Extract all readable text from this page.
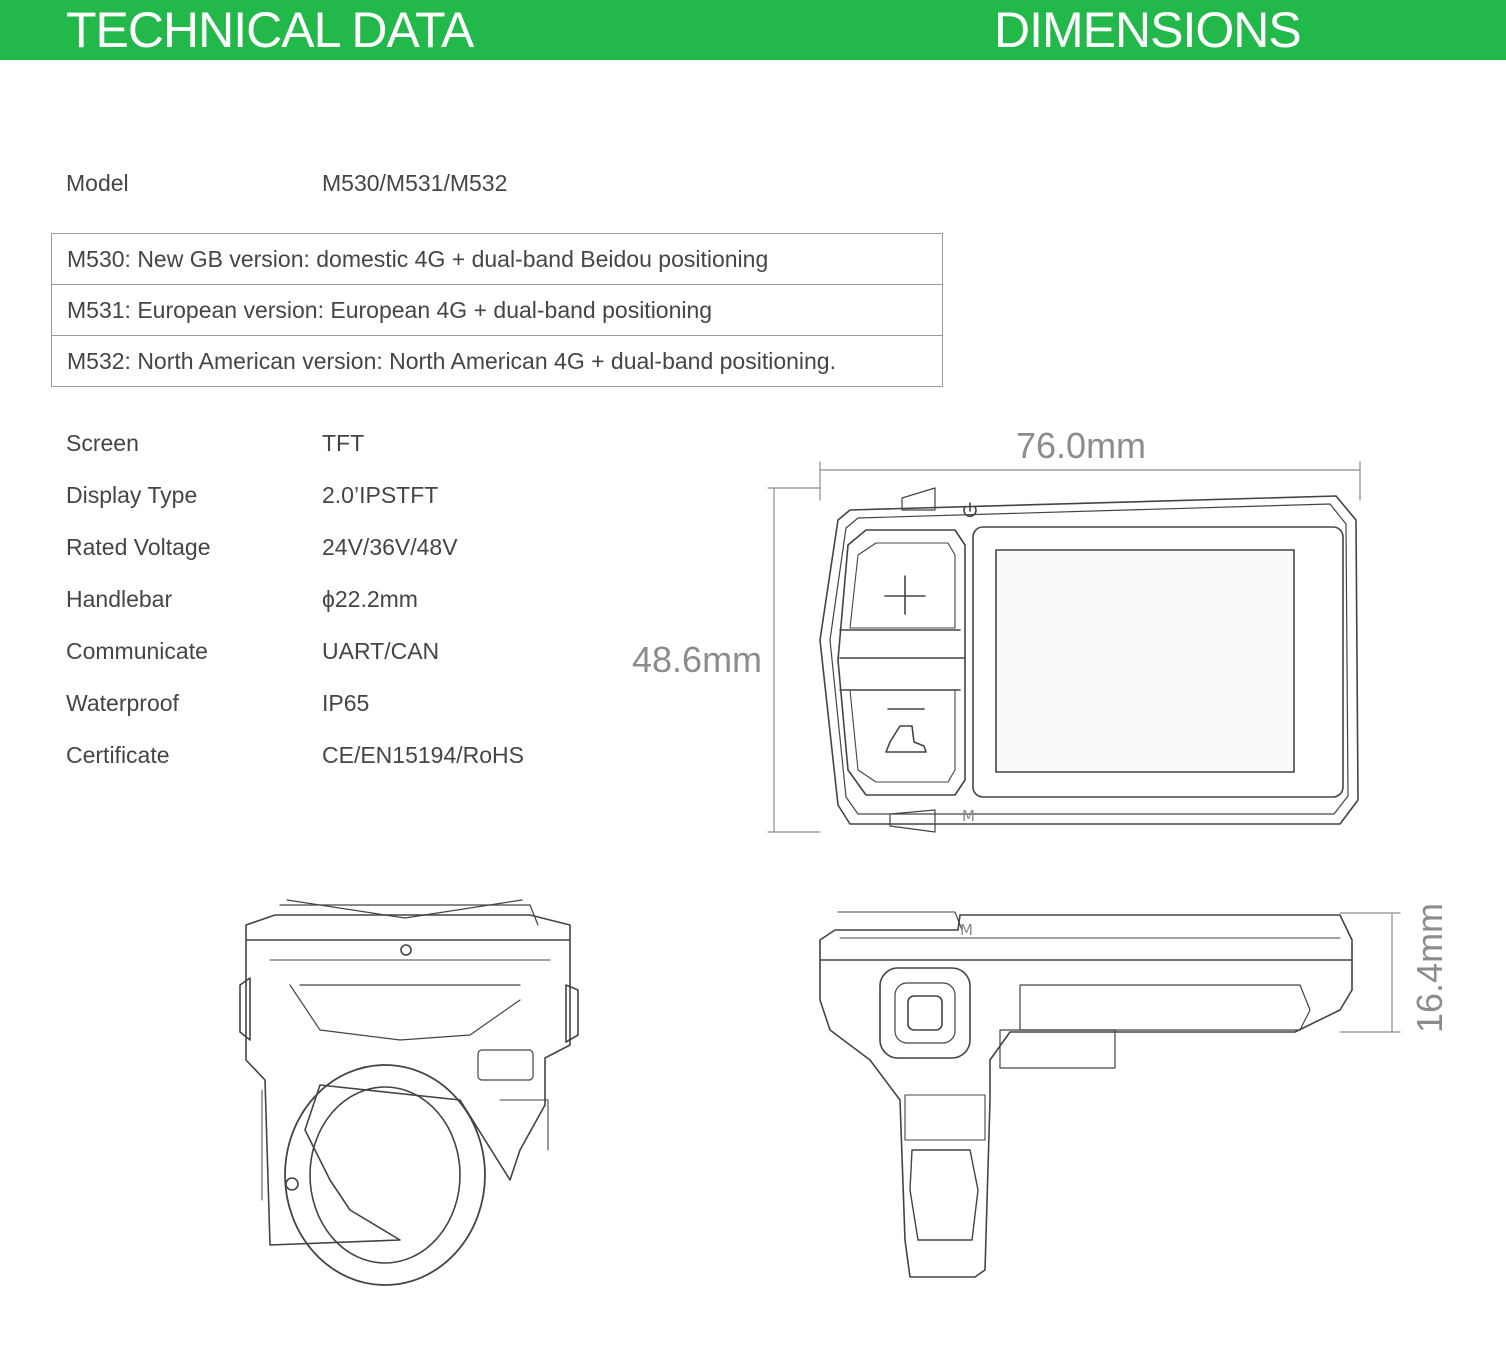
TECHNICAL DATA	DIMENSIONS
Model	M530/M531/M532
M530: New GB version: domestic 4G + dual-band Beidou positioning
M531: European version: European 4G + dual-band positioning
M532: North American version: North American 4G + dual-band positioning.
Screen	TFT
Display Type	2.0’IPSTFT
Rated Voltage	24V/36V/48V
Handlebar	ϕ22.2mm
Communicate	UART/CAN
Waterproof	IP65
Certificate	CE/EN15194/RoHS
76.0mm
48.6mm
16.4mm
M
M
